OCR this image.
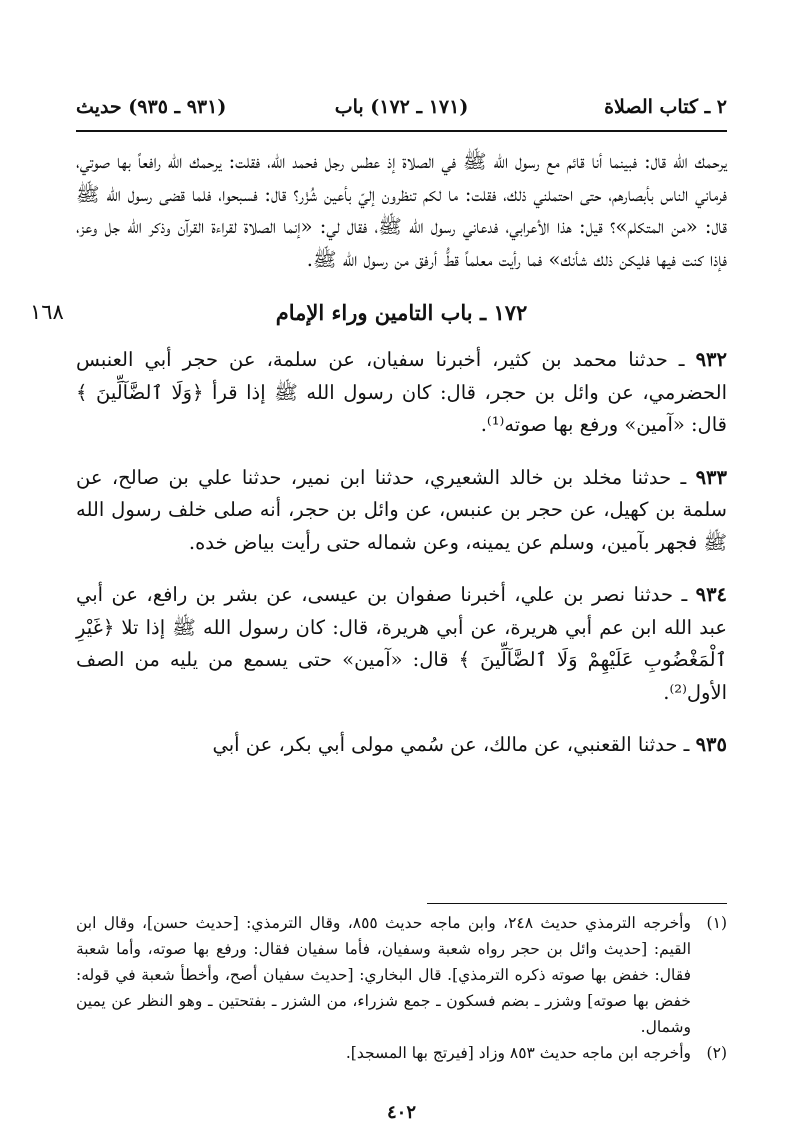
٢ ـ كتاب الصلاة
(١٧١ ـ ١٧٢) باب
(٩٣١ ـ ٩٣٥) حديث

يرحمك الله قال: فبينما أنا قائم مع رسول الله ﷺ في الصلاة إذ عطس رجل فحمد الله، فقلت: يرحمك الله رافعاً بها صوتي، فرماني الناس بأبصارهم، حتى احتملني ذلك، فقلت: ما لكم تنظرون إليّ بأعين شُزْر؟ قال: فسبحوا، فلما قضى رسول الله ﷺ قال: «من المتكلم»؟ قيل: هذا الأعرابي، فدعاني رسول الله ﷺ، فقال لي: «إنما الصلاة لقراءة القرآن وذكر الله جل وعز، فإذا كنت فيها فليكن ذلك شأنك» فما رأيت معلماً قطُّ أرفق من رسول الله ﷺ.

١٧٢ ـ باب التامين وراء الإمام
١٦٨

٩٣٢ ـ حدثنا محمد بن كثير، أخبرنا سفيان، عن سلمة، عن حجر أبي العنبس الحضرمي، عن وائل بن حجر، قال: كان رسول الله ﷺ إذا قرأ ﴿وَلَا ٱلضَّآلِّينَ ﴾ قال: «آمين» ورفع بها صوته⁽¹⁾.

٩٣٣ ـ حدثنا مخلد بن خالد الشعيري، حدثنا ابن نمير، حدثنا علي بن صالح، عن سلمة بن كهيل، عن حجر بن عنبس، عن وائل بن حجر، أنه صلى خلف رسول الله ﷺ فجهر بآمين، وسلم عن يمينه، وعن شماله حتى رأيت بياض خده.

٩٣٤ ـ حدثنا نصر بن علي، أخبرنا صفوان بن عيسى، عن بشر بن رافع، عن أبي عبد الله ابن عم أبي هريرة، عن أبي هريرة، قال: كان رسول الله ﷺ إذا تلا ﴿غَيْرِ ٱلْمَغْضُوبِ عَلَيْهِمْ وَلَا ٱلضَّآلِّينَ ﴾ قال: «آمين» حتى يسمع من يليه من الصف الأول⁽²⁾.

٩٣٥ ـ حدثنا القعنبي، عن مالك، عن سُمي مولى أبي بكر، عن أبي

(١)
وأخرجه الترمذي حديث ٢٤٨، وابن ماجه حديث ٨٥٥، وقال الترمذي: [حديث حسن]، وقال ابن القيم: [حديث وائل بن حجر رواه شعبة وسفيان، فأما سفيان فقال: ورفع بها صوته، وأما شعبة فقال: خفض بها صوته ذكره الترمذي]. قال البخاري: [حديث سفيان أصح، وأخطأ شعبة في قوله: خفض بها صوته] وشزر ـ بضم فسكون ـ جمع شزراء، من الشزر ـ بفتحتين ـ وهو النظر عن يمين وشمال.
(٢)
وأخرجه ابن ماجه حديث ٨٥٣ وزاد [فيرتج بها المسجد].
٤٠٢
